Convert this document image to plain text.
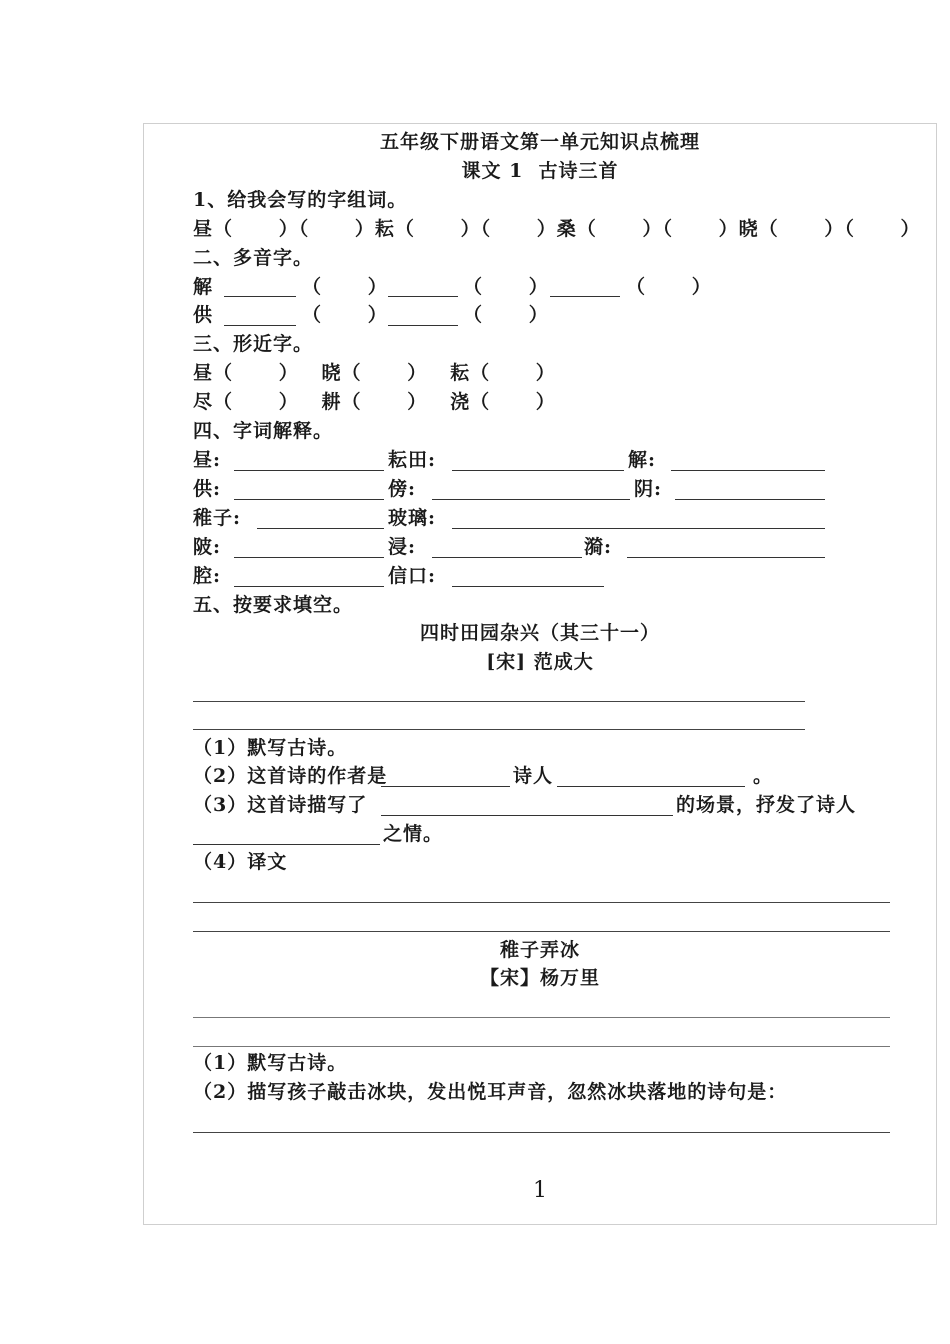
五年级下册语文第一单元知识点梳理
课文 1  古诗三首
1、给我会写的字组词。
昼（      ）（      ）耘（      ）（      ）桑（      ）（      ）晓（      ）（      ）
二、多音字。
解	（      ）	（      ）	（      ）
供	（      ）	（      ）
三、形近字。
昼（      ）   晓（      ）   耘（      ）
尽（      ）   耕（      ）   浇（      ）
四、字词解释。
昼:	耘田:	解:
供:	傍:	阴:
稚子:	玻璃:
陂:	浸:	漪:
腔:	信口:
五、按要求填空。
四时田园杂兴（其三十一）
[宋] 范成大
（1）默写古诗。
（2）这首诗的作者是	诗人	。
（3）这首诗描写了	的场景，抒发了诗人
之情。
（4）译文
稚子弄冰
【宋】杨万里
（1）默写古诗。
（2）描写孩子敲击冰块，发出悦耳声音，忽然冰块落地的诗句是：
1
